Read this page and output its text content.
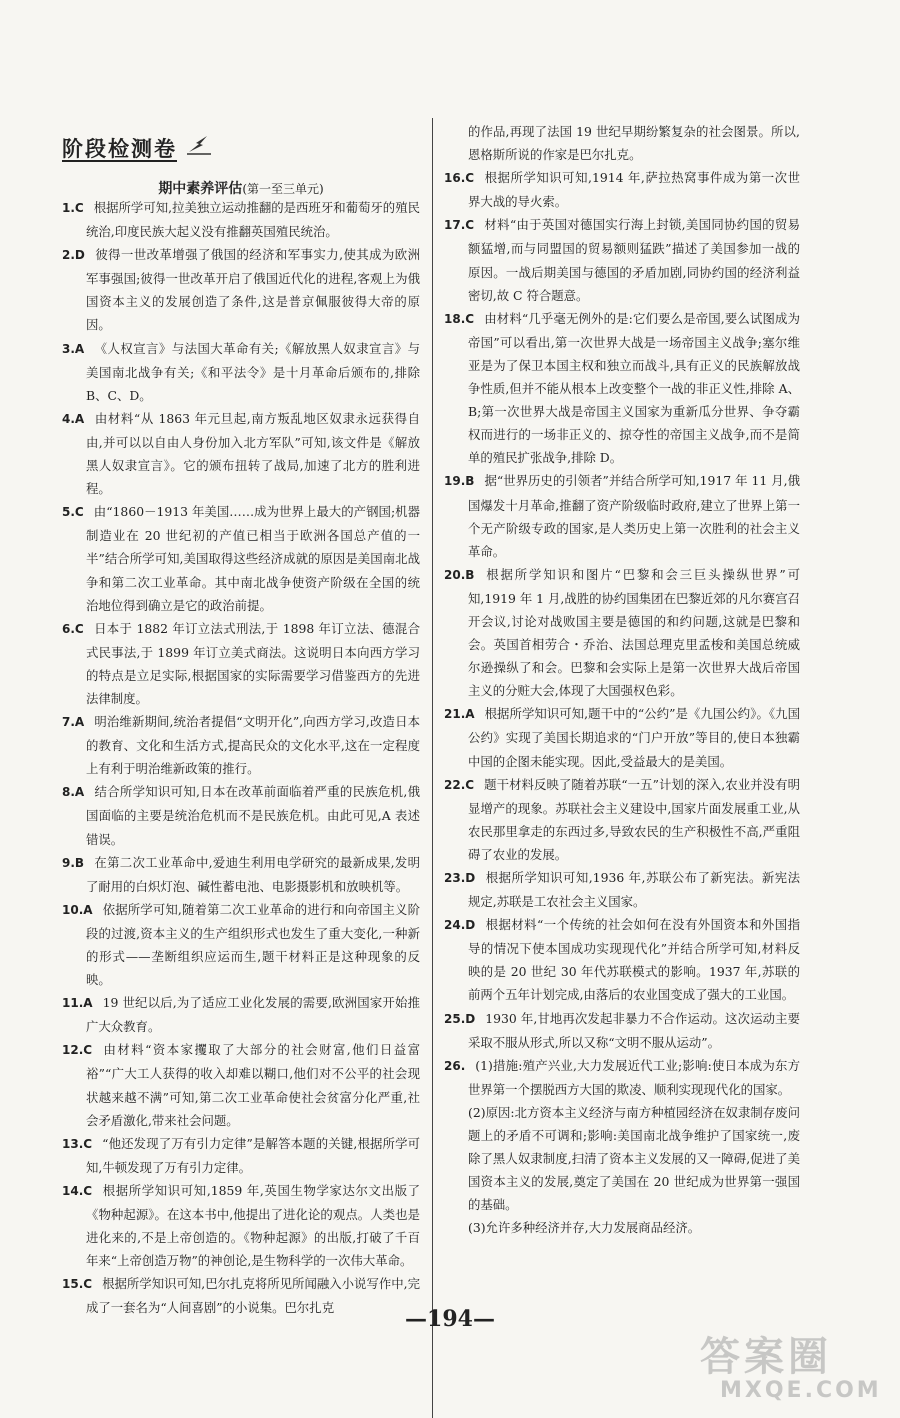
阶段检测卷
期中素养评估(第一至三单元)
1.C 根据所学可知,拉美独立运动推翻的是西班牙和葡萄牙的殖民统治,印度民族大起义没有推翻英国殖民统治。
2.D 彼得一世改革增强了俄国的经济和军事实力,使其成为欧洲军事强国;彼得一世改革开启了俄国近代化的进程,客观上为俄国资本主义的发展创造了条件,这是普京佩服彼得大帝的原因。
3.A 《人权宣言》与法国大革命有关;《解放黑人奴隶宣言》与美国南北战争有关;《和平法令》是十月革命后颁布的,排除 B、C、D。
4.A 由材料“从 1863 年元旦起,南方叛乱地区奴隶永远获得自由,并可以以自由人身份加入北方军队”可知,该文件是《解放黑人奴隶宣言》。它的颁布扭转了战局,加速了北方的胜利进程。
5.C 由“1860－1913 年美国……成为世界上最大的产钢国;机器制造业在 20 世纪初的产值已相当于欧洲各国总产值的一半”结合所学可知,美国取得这些经济成就的原因是美国南北战争和第二次工业革命。其中南北战争使资产阶级在全国的统治地位得到确立是它的政治前提。
6.C 日本于 1882 年订立法式刑法,于 1898 年订立法、德混合式民事法,于 1899 年订立美式商法。这说明日本向西方学习的特点是立足实际,根据国家的实际需要学习借鉴西方的先进法律制度。
7.A 明治维新期间,统治者提倡“文明开化”,向西方学习,改造日本的教育、文化和生活方式,提高民众的文化水平,这在一定程度上有利于明治维新政策的推行。
8.A 结合所学知识可知,日本在改革前面临着严重的民族危机,俄国面临的主要是统治危机而不是民族危机。由此可见,A 表述错误。
9.B 在第二次工业革命中,爱迪生利用电学研究的最新成果,发明了耐用的白炽灯泡、碱性蓄电池、电影摄影机和放映机等。
10.A 依据所学可知,随着第二次工业革命的进行和向帝国主义阶段的过渡,资本主义的生产组织形式也发生了重大变化,一种新的形式——垄断组织应运而生,题干材料正是这种现象的反映。
11.A 19 世纪以后,为了适应工业化发展的需要,欧洲国家开始推广大众教育。
12.C 由材料“资本家攫取了大部分的社会财富,他们日益富裕”“广大工人获得的收入却难以糊口,他们对不公平的社会现状越来越不满”可知,第二次工业革命使社会贫富分化严重,社会矛盾激化,带来社会问题。
13.C “他还发现了万有引力定律”是解答本题的关键,根据所学可知,牛顿发现了万有引力定律。
14.C 根据所学知识可知,1859 年,英国生物学家达尔文出版了《物种起源》。在这本书中,他提出了进化论的观点。人类也是进化来的,不是上帝创造的。《物种起源》的出版,打破了千百年来“上帝创造万物”的神创论,是生物科学的一次伟大革命。
15.C 根据所学知识可知,巴尔扎克将所见所闻融入小说写作中,完成了一套名为“人间喜剧”的小说集。巴尔扎克
的作品,再现了法国 19 世纪早期纷繁复杂的社会图景。所以,恩格斯所说的作家是巴尔扎克。
16.C 根据所学知识可知,1914 年,萨拉热窝事件成为第一次世界大战的导火索。
17.C 材料“由于英国对德国实行海上封锁,美国同协约国的贸易额猛增,而与同盟国的贸易额则猛跌”描述了美国参加一战的原因。一战后期美国与德国的矛盾加剧,同协约国的经济利益密切,故 C 符合题意。
18.C 由材料“几乎毫无例外的是:它们要么是帝国,要么试图成为帝国”可以看出,第一次世界大战是一场帝国主义战争;塞尔维亚是为了保卫本国主权和独立而战斗,具有正义的民族解放战争性质,但并不能从根本上改变整个一战的非正义性,排除 A、B;第一次世界大战是帝国主义国家为重新瓜分世界、争夺霸权而进行的一场非正义的、掠夺性的帝国主义战争,而不是简单的殖民扩张战争,排除 D。
19.B 据“世界历史的引领者”并结合所学可知,1917 年 11 月,俄国爆发十月革命,推翻了资产阶级临时政府,建立了世界上第一个无产阶级专政的国家,是人类历史上第一次胜利的社会主义革命。
20.B 根据所学知识和图片“巴黎和会三巨头操纵世界”可知,1919 年 1 月,战胜的协约国集团在巴黎近郊的凡尔赛宫召开会议,讨论对战败国主要是德国的和约问题,这就是巴黎和会。英国首相劳合・乔治、法国总理克里孟梭和美国总统威尔逊操纵了和会。巴黎和会实际上是第一次世界大战后帝国主义的分赃大会,体现了大国强权色彩。
21.A 根据所学知识可知,题干中的“公约”是《九国公约》。《九国公约》实现了美国长期追求的“门户开放”等目的,使日本独霸中国的企图未能实现。因此,受益最大的是美国。
22.C 题干材料反映了随着苏联“一五”计划的深入,农业并没有明显增产的现象。苏联社会主义建设中,国家片面发展重工业,从农民那里拿走的东西过多,导致农民的生产积极性不高,严重阻碍了农业的发展。
23.D 根据所学知识可知,1936 年,苏联公布了新宪法。新宪法规定,苏联是工农社会主义国家。
24.D 根据材料“一个传统的社会如何在没有外国资本和外国指导的情况下使本国成功实现现代化”并结合所学可知,材料反映的是 20 世纪 30 年代苏联模式的影响。1937 年,苏联的前两个五年计划完成,由落后的农业国变成了强大的工业国。
25.D 1930 年,甘地再次发起非暴力不合作运动。这次运动主要采取不服从形式,所以又称“文明不服从运动”。
26. (1)措施:殖产兴业,大力发展近代工业;影响:使日本成为东方世界第一个摆脱西方大国的欺凌、顺利实现现代化的国家。
(2)原因:北方资本主义经济与南方种植园经济在奴隶制存废问题上的矛盾不可调和;影响:美国南北战争维护了国家统一,废除了黑人奴隶制度,扫清了资本主义发展的又一障碍,促进了美国资本主义的发展,奠定了美国在 20 世纪成为世界第一强国的基础。
(3)允许多种经济并存,大力发展商品经济。
—194—
答案圈
MXQE.COM
